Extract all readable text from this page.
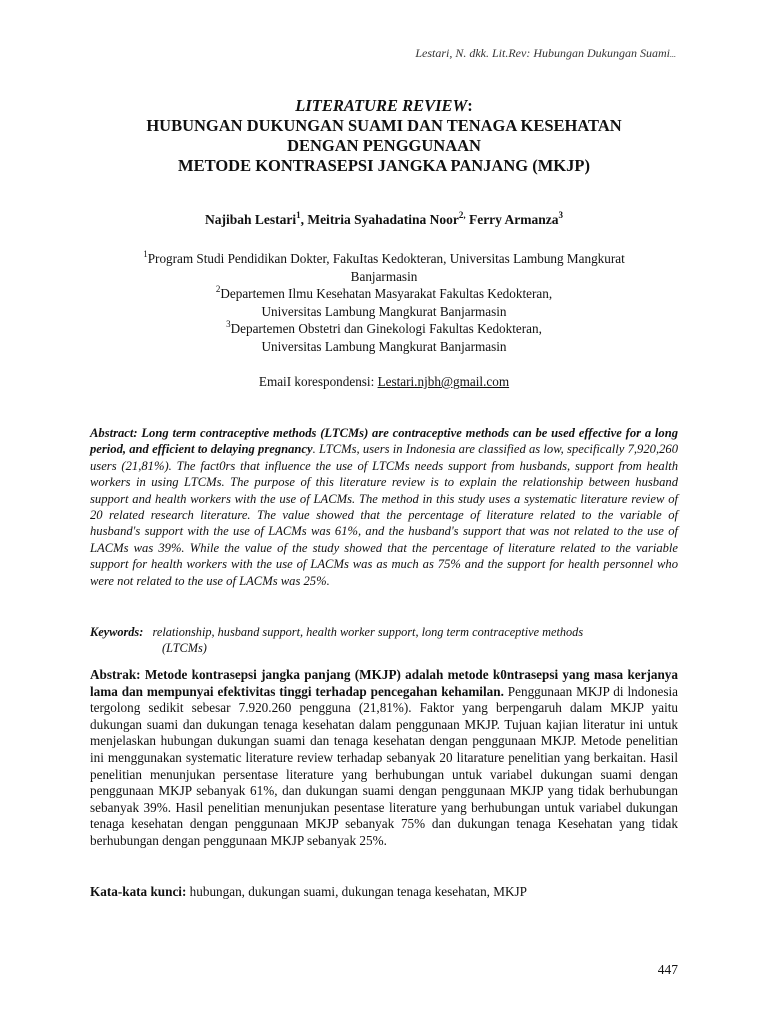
Lestari, N. dkk. Lit.Rev: Hubungan Dukungan Suami...
LITERATURE REVIEW:
HUBUNGAN DUKUNGAN SUAMI DAN TENAGA KESEHATAN
DENGAN PENGGUNAAN
METODE KONTRASEPSI JANGKA PANJANG (MKJP)
Najibah Lestari$^1$, Meitria Syahadatina Noor$^{2,}$ Ferry Armanza$^3$
$^1$Program Studi Pendidikan Dokter, FakuItas Kedokteran, Universitas Lambung Mangkurat
Banjarmasin
$^2$Departemen Ilmu Kesehatan Masyarakat Fakultas Kedokteran,
Universitas Lambung Mangkurat Banjarmasin
$^3$Departemen Obstetri dan Ginekologi Fakultas Kedokteran,
Universitas Lambung Mangkurat Banjarmasin
EmaiI korespondensi: Lestari.njbh@gmail.com
Abstract: Long term contraceptive methods (LTCMs) are contraceptive methods can be used effective for a long period, and efficient to delaying pregnancy. LTCMs, users in Indonesia are classified as low, specifically 7,920,260 users (21,81%). The fact0rs that influence the use of LTCMs needs support from husbands, support from health workers in using LTCMs. The purpose of this literature review is to explain the relationship between husband support and health workers with the use of LACMs. The method in this study uses a systematic literature review of 20 related research literature. The value showed that the percentage of literature related to the variable of husband's support with the use of LACMs was 61%, and the husband's support that was not related to the use of LACMs was 39%. While the value of the study showed that the percentage of literature related to the variable support for health workers with the use of LACMs was as much as 75% and the support for health personnel who were not related to the use of LACMs was 25%.
Keywords: relationship, husband support, health worker support, long term contraceptive methods
(LTCMs)
Abstrak: Metode kontrasepsi jangka panjang (MKJP) adalah metode k0ntrasepsi yang masa kerjanya lama dan mempunyai efektivitas tinggi terhadap pencegahan kehamilan. Penggunaan MKJP di lndonesia tergolong sedikit sebesar 7.920.260 pengguna (21,81%). Faktor yang berpengaruh dalam MKJP yaitu dukungan suami dan dukungan tenaga kesehatan dalam penggunaan MKJP. Tujuan kajian literatur ini untuk menjelaskan hubungan dukungan suami dan tenaga kesehatan dengan penggunaan MKJP. Metode penelitian ini menggunakan systematic literature review terhadap sebanyak 20 litarature penelitian yang berkaitan. Hasil penelitian menunjukan persentase literature yang berhubungan untuk variabel dukungan suami dengan penggunaan MKJP sebanyak 61%, dan dukungan suami dengan penggunaan MKJP yang tidak berhubungan sebanyak 39%. Hasil penelitian menunjukan pesentase literature yang berhubungan untuk variabel dukungan tenaga kesehatan dengan penggunaan MKJP sebanyak 75% dan dukungan tenaga Kesehatan yang tidak berhubungan dengan penggunaan MKJP sebanyak 25%.
Kata-kata kunci: hubungan, dukungan suami, dukungan tenaga kesehatan, MKJP
447
